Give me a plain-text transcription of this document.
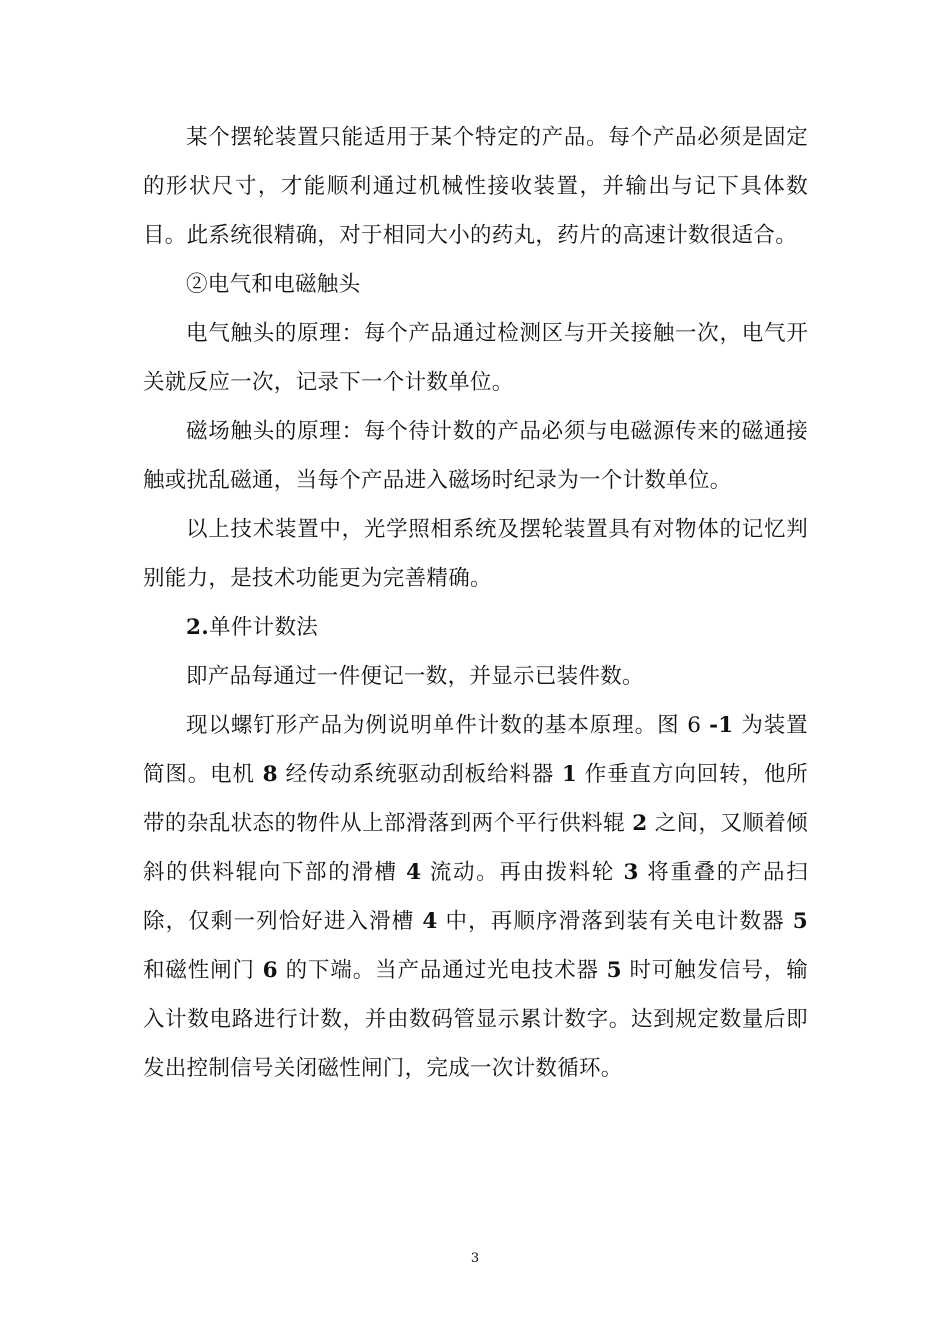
某个摆轮装置只能适用于某个特定的产品。每个产品必须是固定的形状尺寸，才能顺利通过机械性接收装置，并输出与记下具体数目。此系统很精确，对于相同大小的药丸，药片的高速计数很适合。

②电气和电磁触头

电气触头的原理：每个产品通过检测区与开关接触一次，电气开关就反应一次，记录下一个计数单位。

磁场触头的原理：每个待计数的产品必须与电磁源传来的磁通接触或扰乱磁通，当每个产品进入磁场时纪录为一个计数单位。

以上技术装置中，光学照相系统及摆轮装置具有对物体的记忆判别能力，是技术功能更为完善精确。

2.单件计数法

即产品每通过一件便记一数，并显示已装件数。

现以螺钉形产品为例说明单件计数的基本原理。图 6 -1 为装置简图。电机 8 经传动系统驱动刮板给料器 1 作垂直方向回转，他所带的杂乱状态的物件从上部滑落到两个平行供料辊 2 之间，又顺着倾斜的供料辊向下部的滑槽 4 流动。再由拨料轮 3 将重叠的产品扫除，仅剩一列恰好进入滑槽 4 中，再顺序滑落到装有关电计数器 5 和磁性闸门 6 的下端。当产品通过光电技术器 5 时可触发信号，输入计数电路进行计数，并由数码管显示累计数字。达到规定数量后即发出控制信号关闭磁性闸门，完成一次计数循环。

3
